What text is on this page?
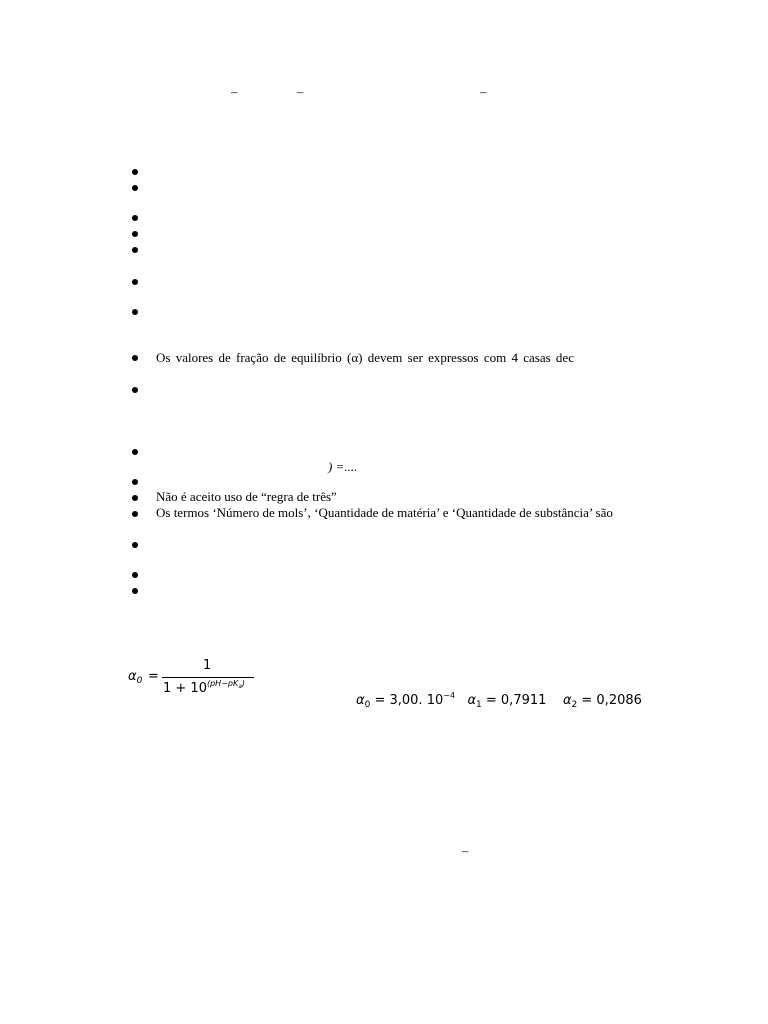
–	–	–
Os valores de fração de equilíbrio (α) devem ser expressos com 4 casas dec
) =....
Não é aceito uso de “regra de três”
Os termos ‘Número de mols’, ‘Quantidade de matéria’ e ‘Quantidade de substância’ são
$\alpha_0$ =
1
$1 + 10^{(pH-pK_a)}$
$\alpha_0 = 3,00$. $10^{-4}$ $\alpha_1 = 0,7911$ $\alpha_2 = 0,2086$
–
